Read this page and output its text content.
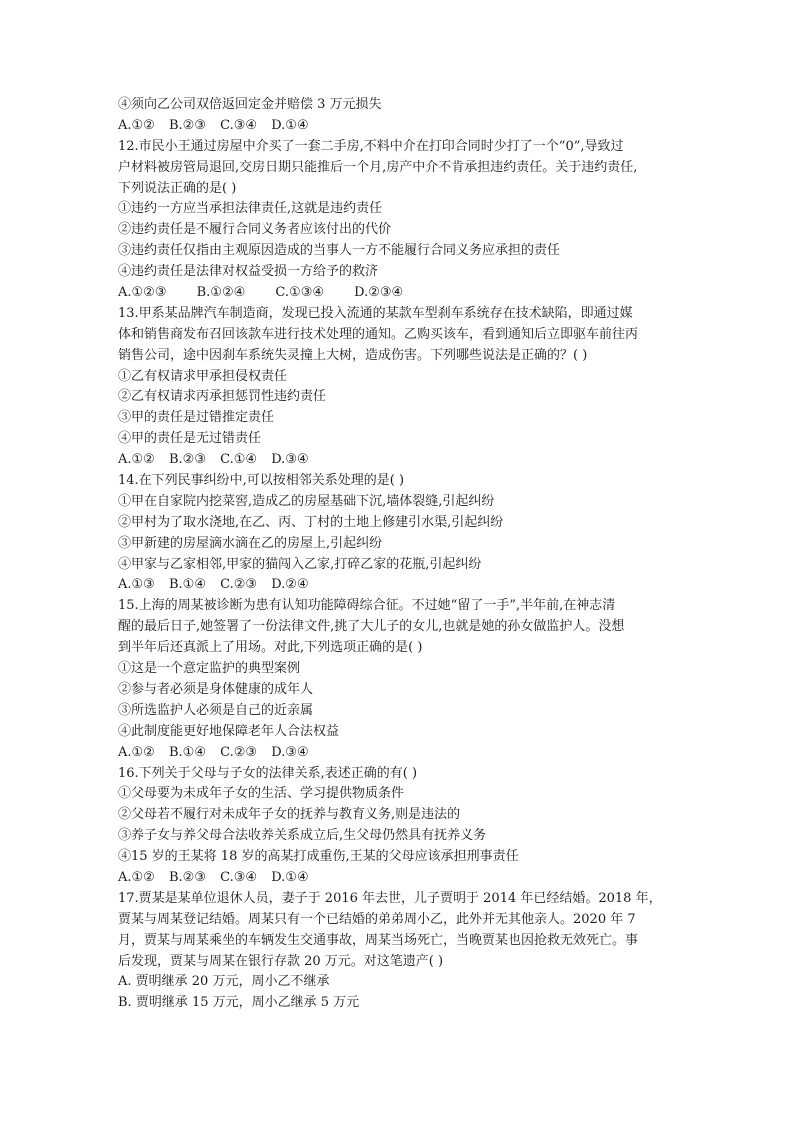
④须向乙公司双倍返回定金并赔偿 3 万元损失
A.①② B.②③ C.③④ D.①④
12.市民小王通过房屋中介买了一套二手房,不料中介在打印合同时少打了一个“0”,导致过
户材料被房管局退回,交房日期只能推后一个月,房产中介不肯承担违约责任。关于违约责任,
下列说法正确的是( )
①违约一方应当承担法律责任,这就是违约责任
②违约责任是不履行合同义务者应该付出的代价
③违约责任仅指由主观原因造成的当事人一方不能履行合同义务应承担的责任
④违约责任是法律对权益受损一方给予的救济
A.①②③ B.①②④ C.①③④ D.②③④
13.甲系某品牌汽车制造商，发现已投入流通的某款车型刹车系统存在技术缺陷，即通过媒
体和销售商发布召回该款车进行技术处理的通知。乙购买该车，看到通知后立即驱车前往丙
销售公司，途中因刹车系统失灵撞上大树，造成伤害。下列哪些说法是正确的？( )
①乙有权请求甲承担侵权责任
②乙有权请求丙承担惩罚性违约责任
③甲的责任是过错推定责任
④甲的责任是无过错责任
A.①② B.②③ C.①④ D.③④
14.在下列民事纠纷中,可以按相邻关系处理的是( )
①甲在自家院内挖菜窖,造成乙的房屋基础下沉,墙体裂缝,引起纠纷
②甲村为了取水浇地,在乙、丙、丁村的土地上修建引水渠,引起纠纷
③甲新建的房屋滴水滴在乙的房屋上,引起纠纷
④甲家与乙家相邻,甲家的猫闯入乙家,打碎乙家的花瓶,引起纠纷
A.①③ B.①④ C.②③ D.②④
15.上海的周某被诊断为患有认知功能障碍综合征。不过她“留了一手”,半年前,在神志清
醒的最后日子,她签署了一份法律文件,挑了大儿子的女儿,也就是她的孙女做监护人。没想
到半年后还真派上了用场。对此,下列选项正确的是( )
①这是一个意定监护的典型案例
②参与者必须是身体健康的成年人
③所选监护人必须是自己的近亲属
④此制度能更好地保障老年人合法权益
A.①② B.①④ C.②③ D.③④
16.下列关于父母与子女的法律关系,表述正确的有( )
①父母要为未成年子女的生活、学习提供物质条件
②父母若不履行对未成年子女的抚养与教育义务,则是违法的
③养子女与养父母合法收养关系成立后,生父母仍然具有抚养义务
④15 岁的王某将 18 岁的高某打成重伤,王某的父母应该承担刑事责任
A.①② B.②③ C.③④ D.①④
17.贾某是某单位退休人员，妻子于 2016 年去世，儿子贾明于 2014 年已经结婚。2018 年，
贾某与周某登记结婚。周某只有一个已结婚的弟弟周小乙，此外并无其他亲人。2020 年 7
月，贾某与周某乘坐的车辆发生交通事故，周某当场死亡，当晚贾某也因抢救无效死亡。事
后发现，贾某与周某在银行存款 20 万元。对这笔遗产( )
A. 贾明继承 20 万元，周小乙不继承
B. 贾明继承 15 万元，周小乙继承 5 万元
